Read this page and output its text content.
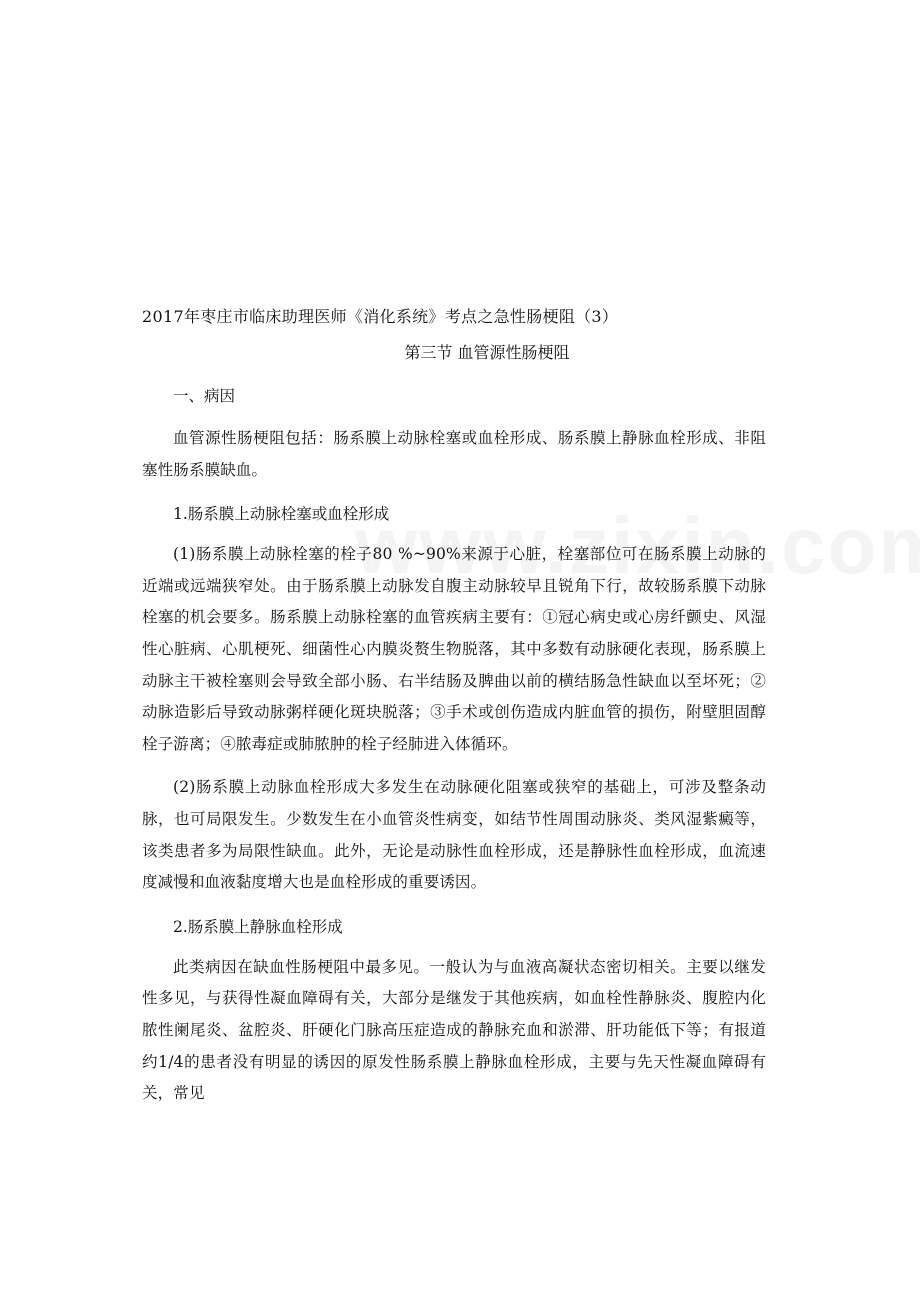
2017年枣庄市临床助理医师《消化系统》考点之急性肠梗阻（3）
第三节 血管源性肠梗阻

一、病因

血管源性肠梗阻包括：肠系膜上动脉栓塞或血栓形成、肠系膜上静脉血栓形成、非阻塞性肠系膜缺血。

1.肠系膜上动脉栓塞或血栓形成

(1)肠系膜上动脉栓塞的栓子80 %~90%来源于心脏，栓塞部位可在肠系膜上动脉的近端或远端狭窄处。由于肠系膜上动脉发自腹主动脉较早且锐角下行，故较肠系膜下动脉栓塞的机会要多。肠系膜上动脉栓塞的血管疾病主要有：①冠心病史或心房纤颤史、风湿性心脏病、心肌梗死、细菌性心内膜炎赘生物脱落，其中多数有动脉硬化表现，肠系膜上动脉主干被栓塞则会导致全部小肠、右半结肠及脾曲以前的横结肠急性缺血以至坏死；②动脉造影后导致动脉粥样硬化斑块脱落；③手术或创伤造成内脏血管的损伤，附壁胆固醇栓子游离；④脓毒症或肺脓肿的栓子经肺进入体循环。

(2)肠系膜上动脉血栓形成大多发生在动脉硬化阻塞或狭窄的基础上，可涉及整条动脉，也可局限发生。少数发生在小血管炎性病变，如结节性周围动脉炎、类风湿紫癜等，该类患者多为局限性缺血。此外，无论是动脉性血栓形成，还是静脉性血栓形成，血流速度减慢和血液黏度增大也是血栓形成的重要诱因。

2.肠系膜上静脉血栓形成

此类病因在缺血性肠梗阻中最多见。一般认为与血液高凝状态密切相关。主要以继发性多见，与获得性凝血障碍有关，大部分是继发于其他疾病，如血栓性静脉炎、腹腔内化脓性阑尾炎、盆腔炎、肝硬化门脉高压症造成的静脉充血和淤滞、肝功能低下等；有报道约1/4的患者没有明显的诱因的原发性肠系膜上静脉血栓形成，主要与先天性凝血障碍有关，常见
